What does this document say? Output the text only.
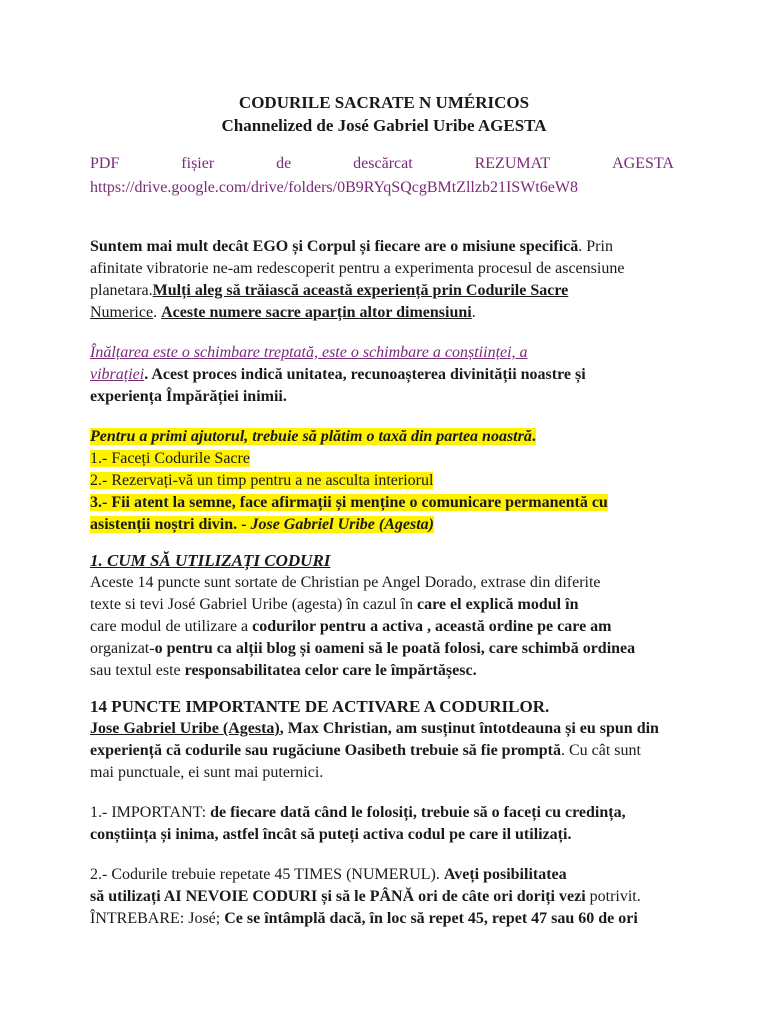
CODURILE SACRATE N UMÉRICOS
Channelized de José Gabriel Uribe AGESTA
PDF	fișier	de	descărcat	REZUMAT	AGESTA
https://drive.google.com/drive/folders/0B9RYqSQcgBMtZllzb21ISWt6eW8
Suntem mai mult decât EGO și Corpul și fiecare are o misiune specifică. Prin
afinitate vibratorie ne-am redescoperit pentru a experimenta procesul de ascensiune
planetara.Mulți aleg să trăiască această experiență prin Codurile Sacre
Numerice. Aceste numere sacre aparțin altor dimensiuni.
Înălțarea este o schimbare treptată, este o schimbare a conștiinței, a
vibrației. Acest proces indică unitatea, recunoașterea divinității noastre și
experiența Împărăției inimii.
Pentru a primi ajutorul, trebuie să plătim o taxă din partea noastră.
1.- Faceți Codurile Sacre
2.- Rezervați-vă un timp pentru a ne asculta interiorul
3.- Fii atent la semne, face afirmații și menține o comunicare permanentă cu
asistenții noștri divin. - Jose Gabriel Uribe (Agesta)
1. CUM SĂ UTILIZAȚI CODURI
Aceste 14 puncte sunt sortate de Christian pe Angel Dorado, extrase din diferite
texte si tevi José Gabriel Uribe (agesta) în cazul în care el explică modul în
care modul de utilizare a codurilor pentru a activa , această ordine pe care am
organizat-o pentru ca alții blog și oameni să le poată folosi, care schimbă ordinea
sau textul este responsabilitatea celor care le împărtășesc.
14 PUNCTE IMPORTANTE DE ACTIVARE A CODURILOR.
Jose Gabriel Uribe (Agesta), Max Christian, am susținut întotdeauna și eu spun din
experiență că codurile sau rugăciune Oasibeth trebuie să fie promptă. Cu cât sunt
mai punctuale, ei sunt mai puternici.
1.- IMPORTANT: de fiecare dată când le folosiți, trebuie să o faceți cu credința,
conștiința și inima, astfel încât să puteți activa codul pe care il utilizați.
2.- Codurile trebuie repetate 45 TIMES (NUMERUL). Aveți posibilitatea
să utilizați AI NEVOIE CODURI și să le PÂNĂ ori de câte ori doriți vezi potrivit.
ÎNTREBARE: José; Ce se întâmplă dacă, în loc să repet 45, repet 47 sau 60 de ori
